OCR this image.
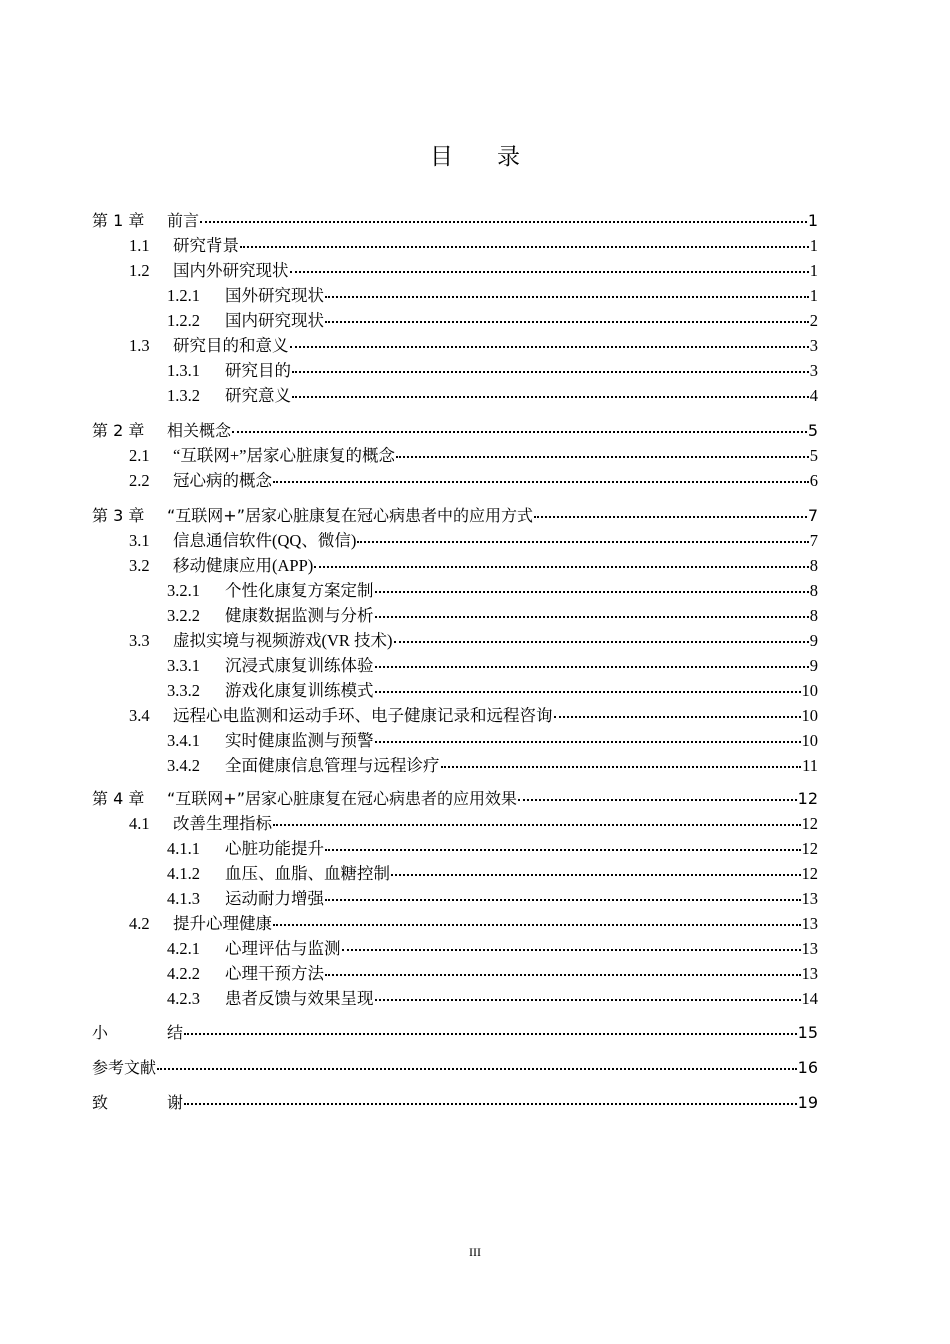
目 录
第 1 章	前言	1
1.1	研究背景	1
1.2	国内外研究现状	1
1.2.1	国外研究现状	1
1.2.2	国内研究现状	2
1.3	研究目的和意义	3
1.3.1	研究目的	3
1.3.2	研究意义	4
第 2 章	相关概念	5
2.1	“互联网+”居家心脏康复的概念	5
2.2	冠心病的概念	6
第 3 章	“互联网+”居家心脏康复在冠心病患者中的应用方式	7
3.1	信息通信软件(QQ、微信)	7
3.2	移动健康应用(APP)	8
3.2.1	个性化康复方案定制	8
3.2.2	健康数据监测与分析	8
3.3	虚拟实境与视频游戏(VR 技术)	9
3.3.1	沉浸式康复训练体验	9
3.3.2	游戏化康复训练模式	10
3.4	远程心电监测和运动手环、电子健康记录和远程咨询	10
3.4.1	实时健康监测与预警	10
3.4.2	全面健康信息管理与远程诊疗	11
第 4 章	“互联网+”居家心脏康复在冠心病患者的应用效果	12
4.1	改善生理指标	12
4.1.1	心脏功能提升	12
4.1.2	血压、血脂、血糖控制	12
4.1.3	运动耐力增强	13
4.2	提升心理健康	13
4.2.1	心理评估与监测	13
4.2.2	心理干预方法	13
4.2.3	患者反馈与效果呈现	14
小	结	15
参考文献	16
致	谢	19
III
